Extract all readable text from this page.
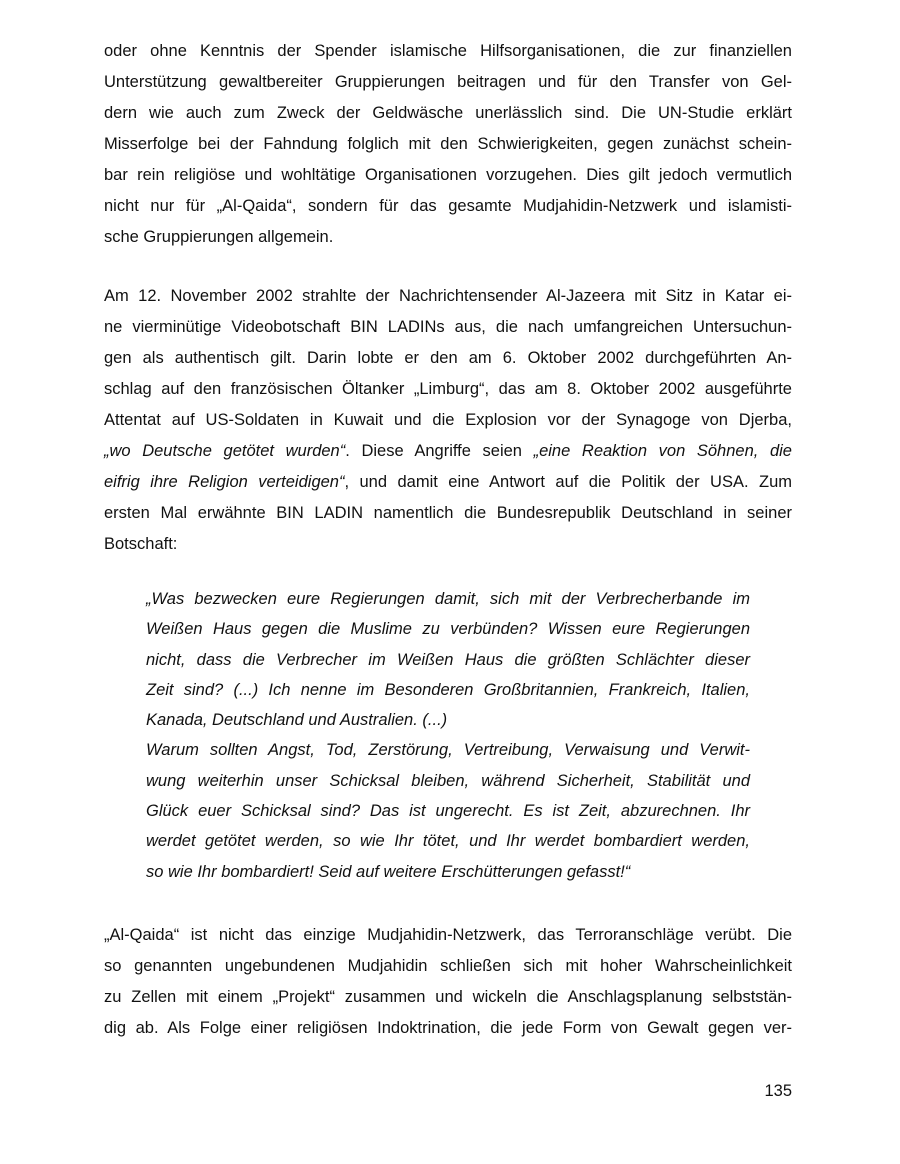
oder ohne Kenntnis der Spender islamische Hilfsorganisationen, die zur finanziellen
Unterstützung gewaltbereiter Gruppierungen beitragen und für den Transfer von Gel-
dern wie auch zum Zweck der Geldwäsche unerlässlich sind. Die UN-Studie erklärt
Misserfolge bei der Fahndung folglich mit den Schwierigkeiten, gegen zunächst schein-
bar rein religiöse und wohltätige Organisationen vorzugehen. Dies gilt jedoch vermutlich
nicht nur für „Al-Qaida“, sondern für das gesamte Mudjahidin-Netzwerk und islamisti-
sche Gruppierungen allgemein.
Am 12. November 2002 strahlte der Nachrichtensender Al-Jazeera mit Sitz in Katar ei-
ne vierminütige Videobotschaft BIN LADINs aus, die nach umfangreichen Untersuchun-
gen als authentisch gilt. Darin lobte er den am 6. Oktober 2002 durchgeführten An-
schlag auf den französischen Öltanker „Limburg“, das am 8. Oktober 2002 ausgeführte
Attentat auf US-Soldaten in Kuwait und die Explosion vor der Synagoge von Djerba,
„wo Deutsche getötet wurden“. Diese Angriffe seien „eine Reaktion von Söhnen, die
eifrig ihre Religion verteidigen“, und damit eine Antwort auf die Politik der USA. Zum
ersten Mal erwähnte BIN LADIN namentlich die Bundesrepublik Deutschland in seiner
Botschaft:
„Was bezwecken eure Regierungen damit, sich mit der Verbrecherbande im
Weißen Haus gegen die Muslime zu verbünden? Wissen eure Regierungen
nicht, dass die Verbrecher im Weißen Haus die größten Schlächter dieser
Zeit sind? (...) Ich nenne im Besonderen Großbritannien, Frankreich, Italien,
Kanada, Deutschland und Australien. (...)
Warum sollten Angst, Tod, Zerstörung, Vertreibung, Verwaisung und Verwit-
wung weiterhin unser Schicksal bleiben, während Sicherheit, Stabilität und
Glück euer Schicksal sind? Das ist ungerecht. Es ist Zeit, abzurechnen. Ihr
werdet getötet werden, so wie Ihr tötet, und Ihr werdet bombardiert werden,
so wie Ihr bombardiert! Seid auf weitere Erschütterungen gefasst!“
„Al-Qaida“ ist nicht das einzige Mudjahidin-Netzwerk, das Terroranschläge verübt. Die
so genannten ungebundenen Mudjahidin schließen sich mit hoher Wahrscheinlichkeit
zu Zellen mit einem „Projekt“ zusammen und wickeln die Anschlagsplanung selbststän-
dig ab. Als Folge einer religiösen Indoktrination, die jede Form von Gewalt gegen ver-
135
